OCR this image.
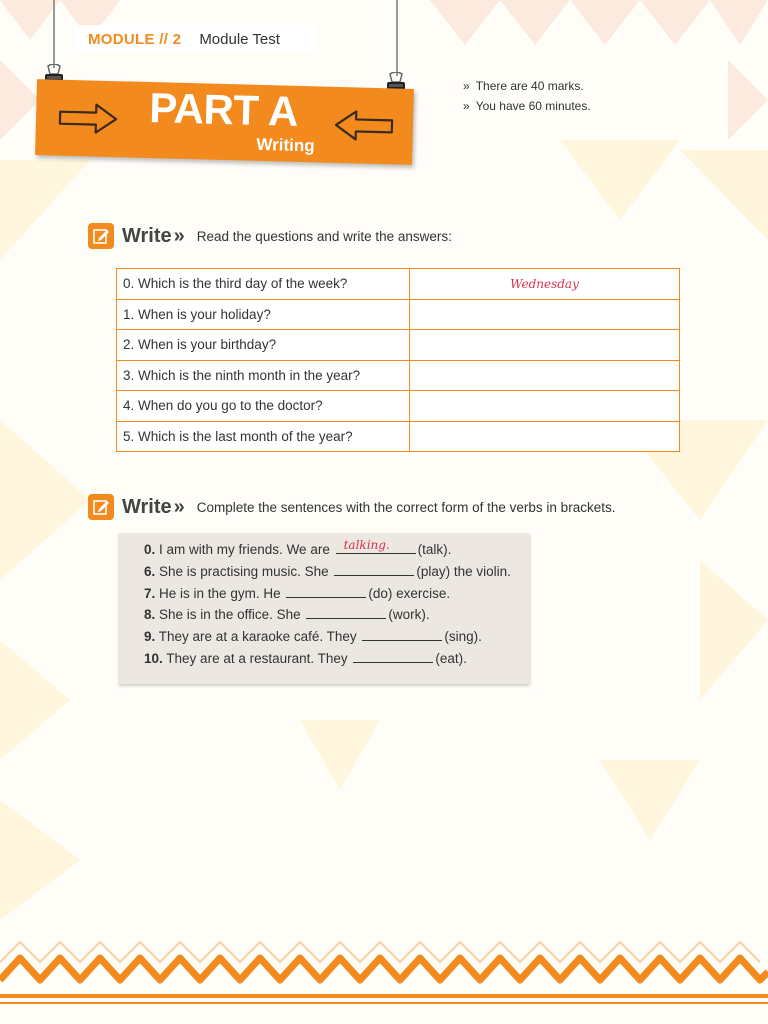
MODULE // 2 Module Test
PART A
Writing
» There are 40 marks.
» You have 60 minutes.
Write » Read the questions and write the answers:
0. Which is the third day of the week?	Wednesday

1. When is your holiday?	

2. When is your birthday?	

3. Which is the ninth month in the year?	

4. When do you go to the doctor?	

5. Which is the last month of the year?	
Write » Complete the sentences with the correct form of the verbs in brackets.
0. I am with my friends. We are talking. (talk).
6. She is practising music. She	(play) the violin.
7. He is in the gym. He	(do) exercise.
8. She is in the office. She	(work).
9. They are at a karaoke café. They	(sing).
10. They are at a restaurant. They	(eat).
